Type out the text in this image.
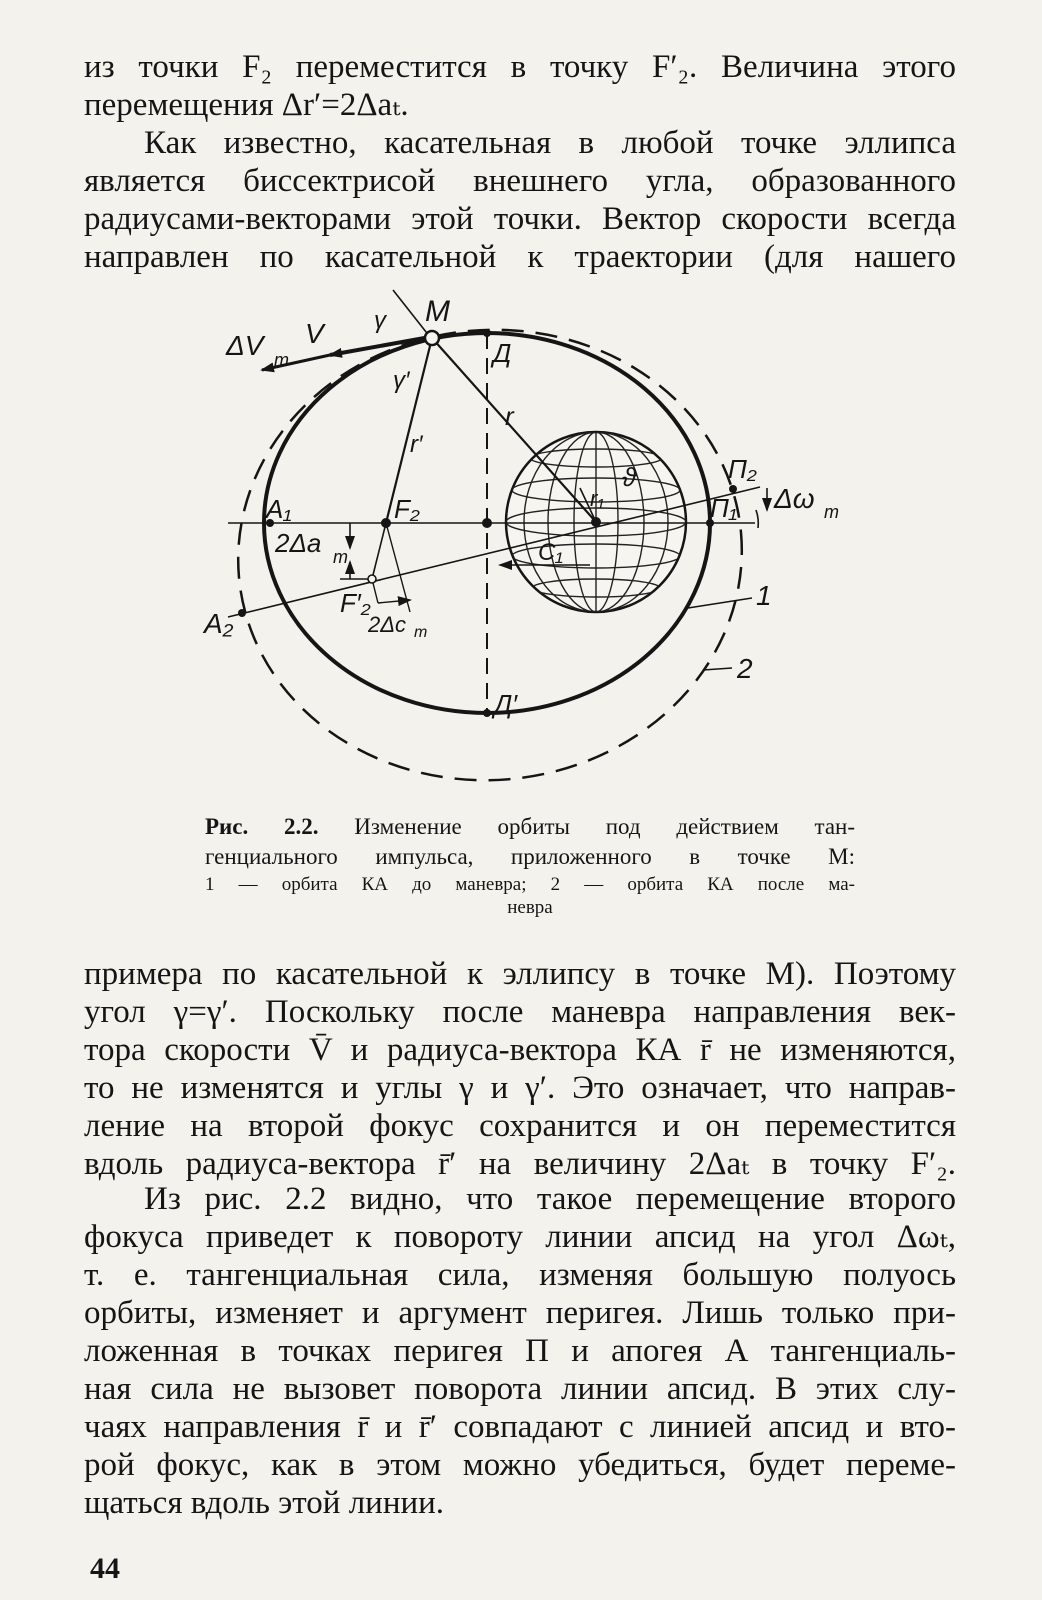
из точки F₂ переместится в точку F′₂. Величина этого
перемещения Δr′=2Δaₜ.

Как известно, касательная в любой точке эллипса
является биссектрисой внешнего угла, образованного
радиусами-векторами этой точки. Вектор скорости всегда
направлен по касательной к траектории (для нашего

ΔV т
V γ M
γ′
Д
r
r′
F₂
A₁
2Δa т
A₂
F′₂
2Δc т
C₁
r₁
ϑ	П₂
П₁ Δω т
1
2
Д′
Рис. 2.2. Изменение орбиты под действием тан-
генциального импульса, приложенного в точке M:
1 — орбита КА до маневра; 2 — орбита КА после ма-
невра

примера по касательной к эллипсу в точке M). Поэтому
угол γ=γ′. Поскольку после маневра направления век-
тора скорости V̄ и радиуса-вектора КА r̄ не изменяются,
то не изменятся и углы γ и γ′. Это означает, что направ-
ление на второй фокус сохранится и он переместится
вдоль радиуса-вектора r̄′ на величину 2Δaₜ в точку F′₂.

Из рис. 2.2 видно, что такое перемещение второго
фокуса приведет к повороту линии апсид на угол Δωₜ,
т. е. тангенциальная сила, изменяя большую полуось
орбиты, изменяет и аргумент перигея. Лишь только при-
ложенная в точках перигея П и апогея А тангенциаль-
ная сила не вызовет поворота линии апсид. В этих слу-
чаях направления r̄ и r̄′ совпадают с линией апсид и вто-
рой фокус, как в этом можно убедиться, будет переме-
щаться вдоль этой линии.

44
